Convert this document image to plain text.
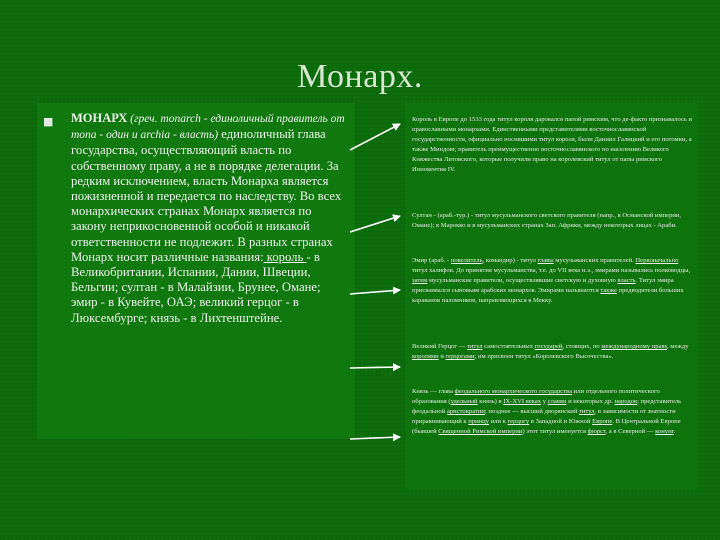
Монарх.
■ МОНАРХ (греч. monarch - единоличный правитель от mona - один и archia - власть) единоличный глава государства, осуществляющий власть по собственному праву, а не в порядке делегации. За редким исключением, власть Монарха является пожизненной и передается по наследству. Во всех монархических странах Монарх является по закону неприкосновенной особой и никакой ответственности не подлежит. В разных странах Монарх носит различные названия: король - в Великобритании, Испании, Дании, Швеции, Бельгии; султан - в Малайзии, Брунее, Омане; эмир - в Кувейте, ОАЭ; великий герцог - в Люксембурге; князь - в Лихтенштейне.
Король в Европе до 1533 года титул короля даровался папой римским, что де-факто признавалось и православными монархами. Единственными представителями восточнославянской государственности, официально носившими титул короля, были Даниил Галицкий и его потомки, а также Миндовг, правитель преимущественно восточнославянского по населению Великого Княжества Литовского, которые получили право на королевский титул от папы римского Иннокентия IV.
Султан - (араб.-тур.) - титул мусульманского светского правителя (напр., в Османской империи, Омане); в Марокко и в мусульманских странах Зап. Африки, между некоторых лицах - Араби.
Эмир (араб. - повелитель, командир) - титул главы мусульманских правителей. Первоначально титул халифов. До принятия мусульманства, т.е. до VII века н.э., эмирами назывались полководцы, затем мусульманские правители, осуществлявшие светскую и духовную власть. Титул эмира присваивался сыновьям арабских монархов. Эмирами называются также предводители больших караванов паломников, направляющихся в Мекку.
Великий Герцог — титул самостоятельных государей, стоящих, по международному праву, между королями и герцогами; им присвоен титул «Королевского Высочества».
Князь — глава феодального монархического государства или отдельного политического образования (удельный князь) в IX-XVI веках у славян и некоторых др. народов; представитель феодальной аристократии; позднее — высший дворянский титул, в зависимости от знатности приравнивающий к принцу или к герцогу в Западной и Южной Европе. В Центральной Европе (бывшей Священной Римской империи) этот титул именуется фюрст, а в Северной — конунг.
